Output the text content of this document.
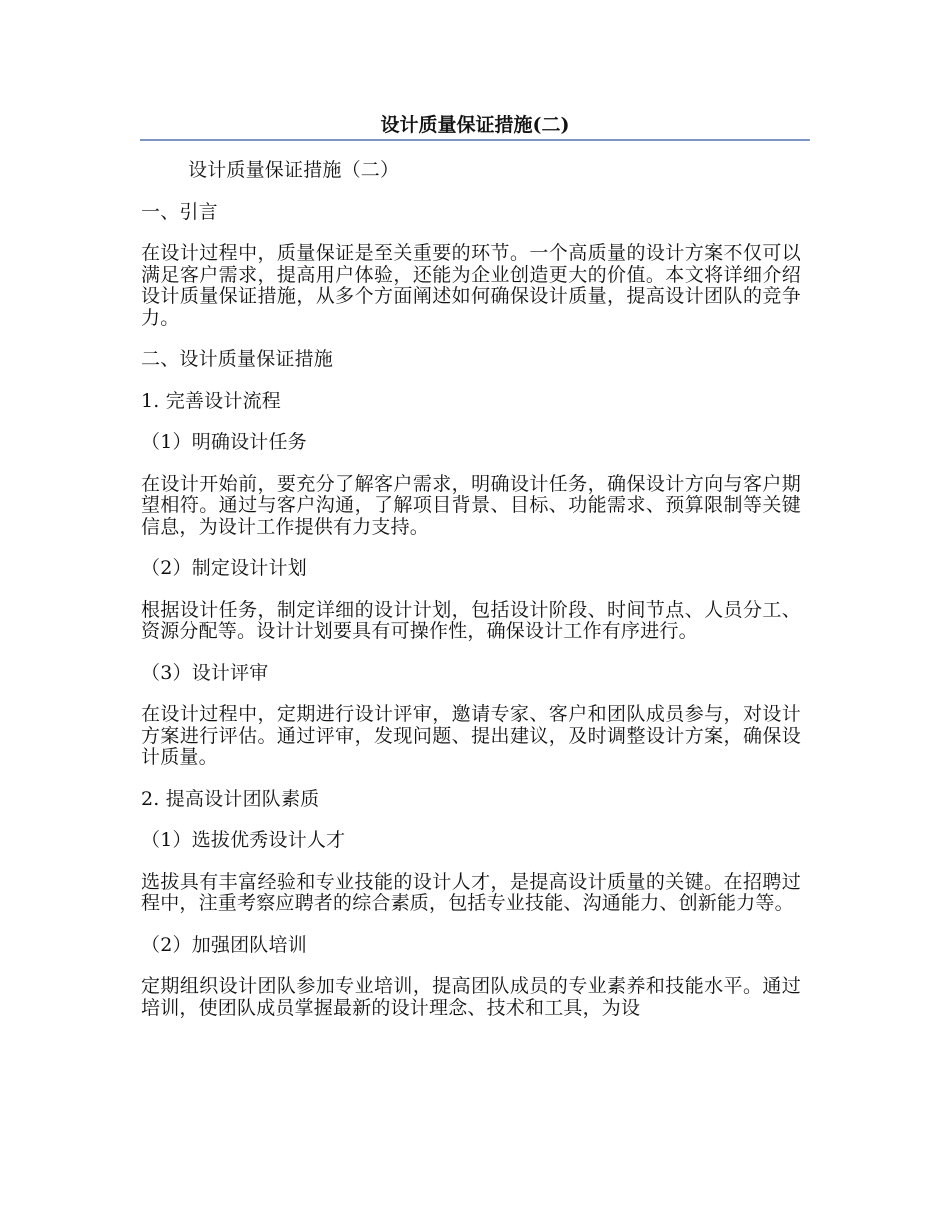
设计质量保证措施(二)

设计质量保证措施（二）

一、引言

在设计过程中，质量保证是至关重要的环节。一个高质量的设计方案不仅可以满足客户需求，提高用户体验，还能为企业创造更大的价值。本文将详细介绍设计质量保证措施，从多个方面阐述如何确保设计质量，提高设计团队的竞争力。

二、设计质量保证措施

1. 完善设计流程

（1）明确设计任务

在设计开始前，要充分了解客户需求，明确设计任务，确保设计方向与客户期望相符。通过与客户沟通，了解项目背景、目标、功能需求、预算限制等关键信息，为设计工作提供有力支持。

（2）制定设计计划

根据设计任务，制定详细的设计计划，包括设计阶段、时间节点、人员分工、资源分配等。设计计划要具有可操作性，确保设计工作有序进行。

（3）设计评审

在设计过程中，定期进行设计评审，邀请专家、客户和团队成员参与，对设计方案进行评估。通过评审，发现问题、提出建议，及时调整设计方案，确保设计质量。

2. 提高设计团队素质

（1）选拔优秀设计人才

选拔具有丰富经验和专业技能的设计人才，是提高设计质量的关键。在招聘过程中，注重考察应聘者的综合素质，包括专业技能、沟通能力、创新能力等。

（2）加强团队培训

定期组织设计团队参加专业培训，提高团队成员的专业素养和技能水平。通过培训，使团队成员掌握最新的设计理念、技术和工具，为设
